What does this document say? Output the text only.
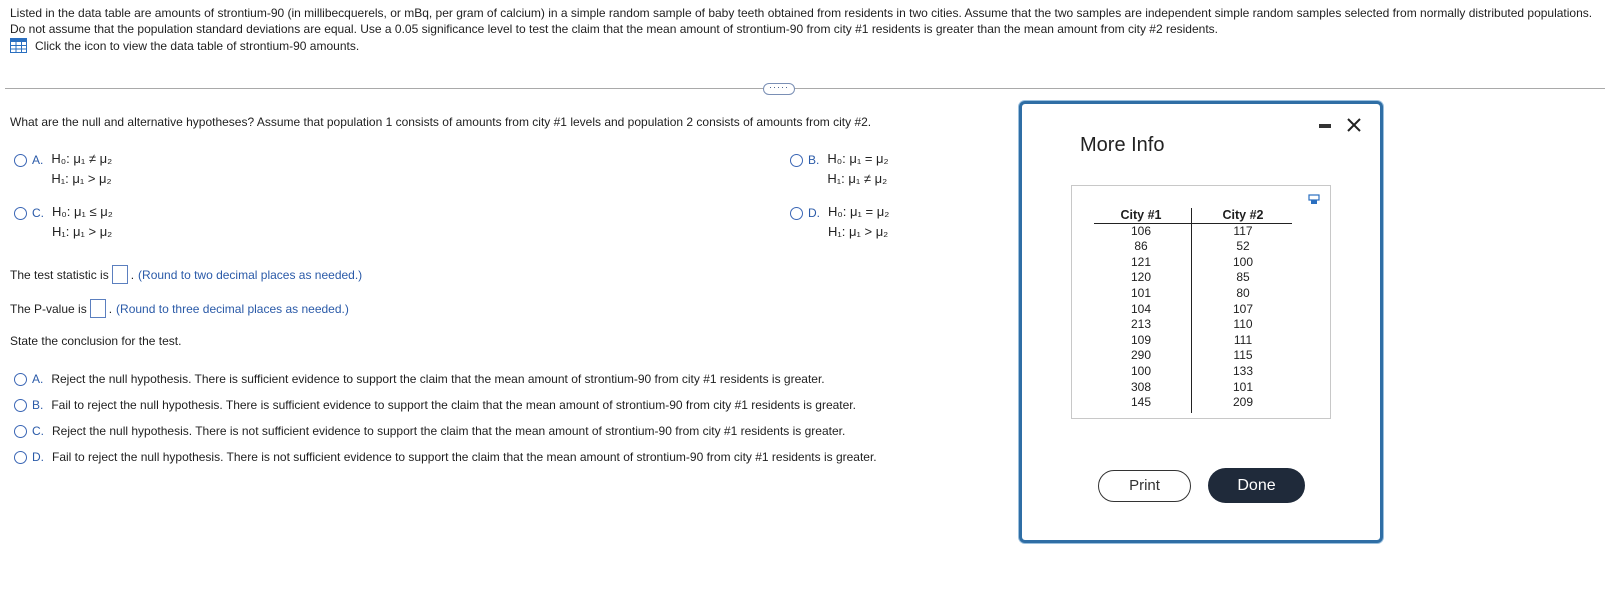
Listed in the data table are amounts of strontium-90 (in millibecquerels, or mBq, per gram of calcium) in a simple random sample of baby teeth obtained from residents in two cities. Assume that the two samples are independent simple random samples selected from normally distributed populations. Do not assume that the population standard deviations are equal. Use a 0.05 significance level to test the claim that the mean amount of strontium-90 from city #1 residents is greater than the mean amount from city #2 residents.

Click the icon to view the data table of strontium-90 amounts.
·····
What are the null and alternative hypotheses? Assume that population 1 consists of amounts from city #1 levels and population 2 consists of amounts from city #2.
A. H₀: μ₁ ≠ μ₂
H₁: μ₁ > μ₂
B. H₀: μ₁ = μ₂
H₁: μ₁ ≠ μ₂
C. H₀: μ₁ ≤ μ₂
H₁: μ₁ > μ₂
D. H₀: μ₁ = μ₂
H₁: μ₁ > μ₂
The test statistic is . (Round to two decimal places as needed.)
The P-value is . (Round to three decimal places as needed.)
State the conclusion for the test.
A. Reject the null hypothesis. There is sufficient evidence to support the claim that the mean amount of strontium-90 from city #1 residents is greater.
B. Fail to reject the null hypothesis. There is sufficient evidence to support the claim that the mean amount of strontium-90 from city #1 residents is greater.
C. Reject the null hypothesis. There is not sufficient evidence to support the claim that the mean amount of strontium-90 from city #1 residents is greater.
D. Fail to reject the null hypothesis. There is not sufficient evidence to support the claim that the mean amount of strontium-90 from city #1 residents is greater.
More Info
City #1
106
86
121
120
101
104
213
109
290
100
308
145
City #2
117
52
100
85
80
107
110
111
115
133
101
209
Print	Done
